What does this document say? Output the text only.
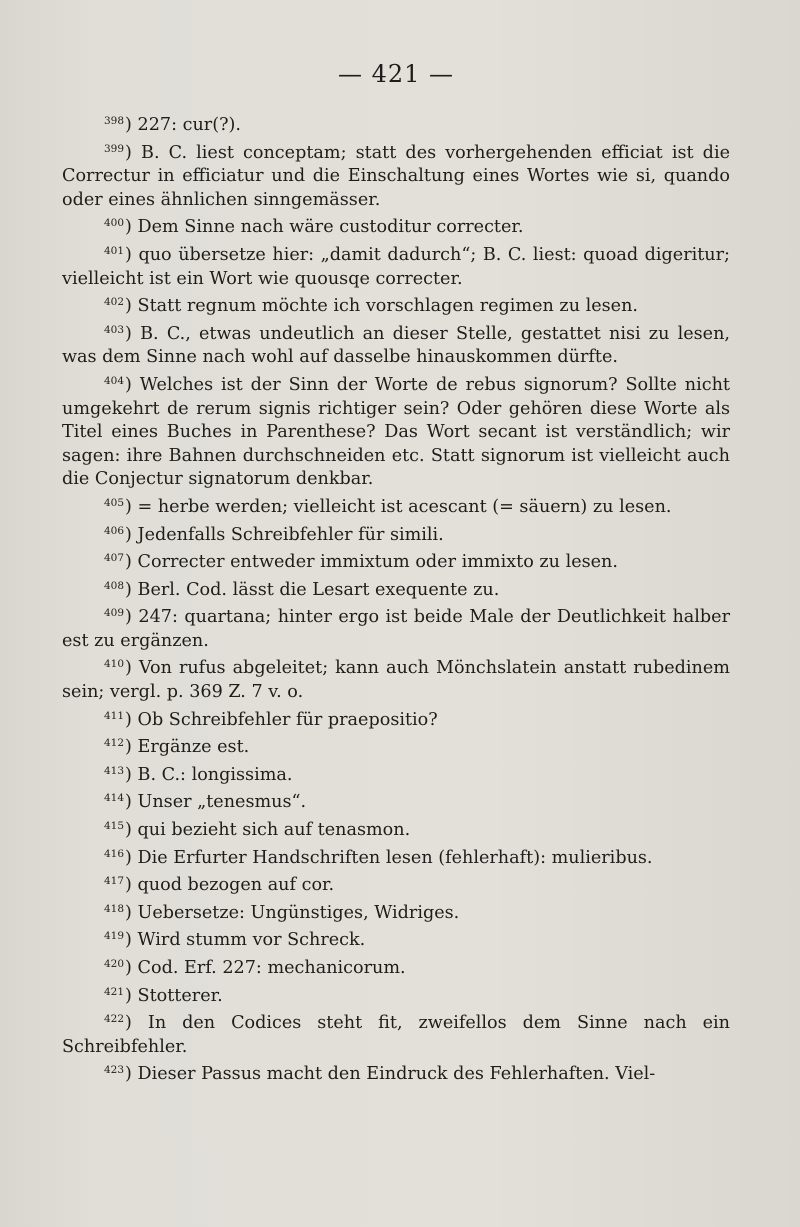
— 421 —

$^{398}$) 227: cur(?).

$^{399}$) B. C. liest conceptam; statt des vorhergehenden efficiat ist die Correctur in efficiatur und die Einschaltung eines Wortes wie si, quando oder eines ähnlichen sinngemässer.

$^{400}$) Dem Sinne nach wäre custoditur correcter.

$^{401}$) quo übersetze hier: „damit dadurch“; B. C. liest: quoad digeritur; vielleicht ist ein Wort wie quousqe correcter.

$^{402}$) Statt regnum möchte ich vorschlagen regimen zu lesen.

$^{403}$) B. C., etwas undeutlich an dieser Stelle, gestattet nisi zu lesen, was dem Sinne nach wohl auf dasselbe hinauskommen dürfte.

$^{404}$) Welches ist der Sinn der Worte de rebus signorum? Sollte nicht umgekehrt de rerum signis richtiger sein? Oder gehören diese Worte als Titel eines Buches in Parenthese? Das Wort secant ist verständlich; wir sagen: ihre Bahnen durchschneiden etc. Statt signorum ist vielleicht auch die Conjectur signatorum denkbar.

$^{405}$) = herbe werden; vielleicht ist acescant (= säuern) zu lesen.

$^{406}$) Jedenfalls Schreibfehler für simili.

$^{407}$) Correcter entweder immixtum oder immixto zu lesen.

$^{408}$) Berl. Cod. lässt die Lesart exequente zu.

$^{409}$) 247: quartana; hinter ergo ist beide Male der Deutlichkeit halber est zu ergänzen.

$^{410}$) Von rufus abgeleitet; kann auch Mönchslatein anstatt rubedinem sein; vergl. p. 369 Z. 7 v. o.

$^{411}$) Ob Schreibfehler für praepositio?

$^{412}$) Ergänze est.

$^{413}$) B. C.: longissima.

$^{414}$) Unser „tenesmus“.

$^{415}$) qui bezieht sich auf tenasmon.

$^{416}$) Die Erfurter Handschriften lesen (fehlerhaft): mulieribus.

$^{417}$) quod bezogen auf cor.

$^{418}$) Uebersetze: Ungünstiges, Widriges.

$^{419}$) Wird stumm vor Schreck.

$^{420}$) Cod. Erf. 227: mechanicorum.

$^{421}$) Stotterer.

$^{422}$) In den Codices steht fit, zweifellos dem Sinne nach ein Schreibfehler.

$^{423}$) Dieser Passus macht den Eindruck des Fehlerhaften. Viel-
